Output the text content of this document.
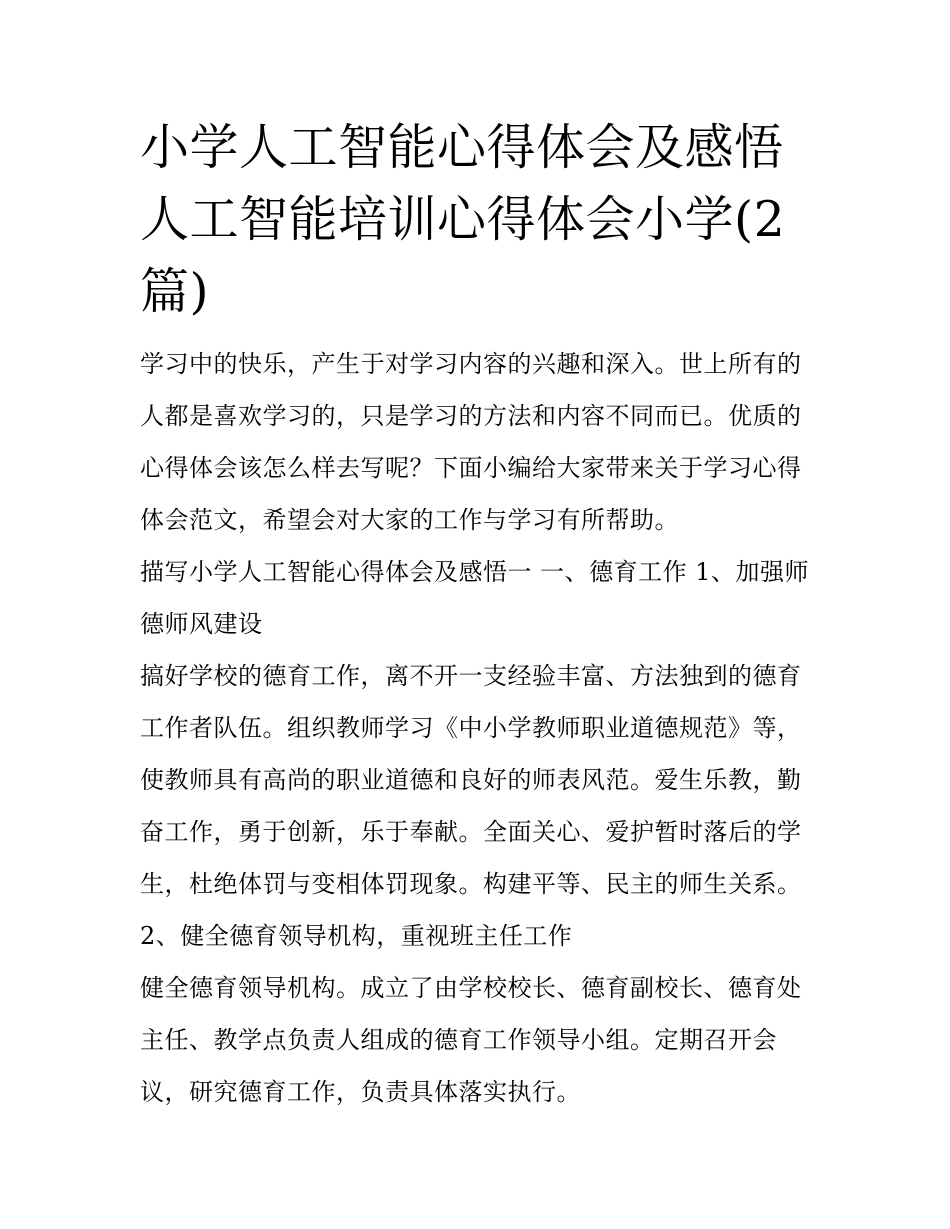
小学人工智能心得体会及感悟人工智能培训心得体会小学(2篇)

学习中的快乐，产生于对学习内容的兴趣和深入。世上所有的人都是喜欢学习的，只是学习的方法和内容不同而已。优质的心得体会该怎么样去写呢？下面小编给大家带来关于学习心得体会范文，希望会对大家的工作与学习有所帮助。

描写小学人工智能心得体会及感悟一 一、德育工作 1、加强师德师风建设

搞好学校的德育工作，离不开一支经验丰富、方法独到的德育工作者队伍。组织教师学习《中小学教师职业道德规范》等，使教师具有高尚的职业道德和良好的师表风范。爱生乐教，勤奋工作，勇于创新，乐于奉献。全面关心、爱护暂时落后的学生，杜绝体罚与变相体罚现象。构建平等、民主的师生关系。

2、健全德育领导机构，重视班主任工作

健全德育领导机构。成立了由学校校长、德育副校长、德育处主任、教学点负责人组成的德育工作领导小组。定期召开会议，研究德育工作，负责具体落实执行。
